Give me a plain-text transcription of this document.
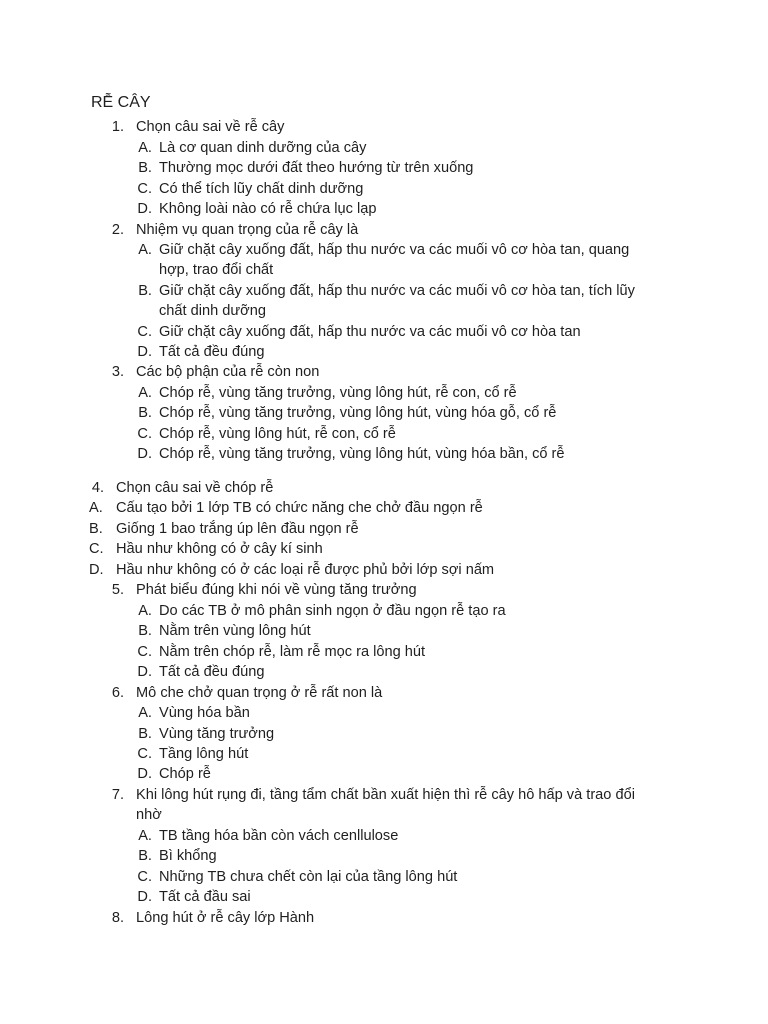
RỄ CÂY
1. Chọn câu sai về rễ cây
A. Là cơ quan dinh dưỡng của cây
B. Thường mọc dưới đất theo hướng từ trên xuống
C. Có thể tích lũy chất dinh dưỡng
D. Không loài nào có rễ chứa lục lạp
2. Nhiệm vụ quan trọng của rễ cây là
A. Giữ chặt cây xuống đất, hấp thu nước va các muối vô cơ hòa tan, quang
hợp, trao đổi chất
B. Giữ chặt cây xuống đất, hấp thu nước va các muối vô cơ hòa tan, tích lũy
chất dinh dưỡng
C. Giữ chặt cây xuống đất, hấp thu nước va các muối vô cơ hòa tan
D. Tất cả đều đúng
3. Các bộ phận của rễ còn non
A. Chóp rễ, vùng tăng trưởng, vùng lông hút, rễ con, cổ rễ
B. Chóp rễ, vùng tăng trưởng, vùng lông hút, vùng hóa gỗ, cổ rễ
C. Chóp rễ, vùng lông hút, rễ con, cổ rễ
D. Chóp rễ, vùng tăng trưởng, vùng lông hút, vùng hóa bần, cổ rễ
4. Chọn câu sai về chóp rễ
A. Cấu tạo bởi 1 lớp TB có chức năng che chở đầu ngọn rễ
B. Giống 1 bao trắng úp lên đầu ngọn rễ
C. Hầu như không có ở cây kí sinh
D. Hầu như không có ở các loại rễ được phủ bởi lớp sợi nấm
5. Phát biểu đúng khi nói về vùng tăng trưởng
A. Do các TB ở mô phân sinh ngọn ở đầu ngọn rễ tạo ra
B. Nằm trên vùng lông hút
C. Nằm trên chóp rễ, làm rễ mọc ra lông hút
D. Tất cả đều đúng
6. Mô che chở quan trọng ở rễ rất non là
A. Vùng hóa bần
B. Vùng tăng trưởng
C. Tầng lông hút
D. Chóp rễ
7. Khi lông hút rụng đi, tầng tẩm chất bần xuất hiện thì rễ cây hô hấp và trao đổi
nhờ
A. TB tầng hóa bần còn vách cenllulose
B. Bì khổng
C. Những TB chưa chết còn lại của tầng lông hút
D. Tất cả đầu sai
8. Lông hút ở rễ cây lớp Hành
